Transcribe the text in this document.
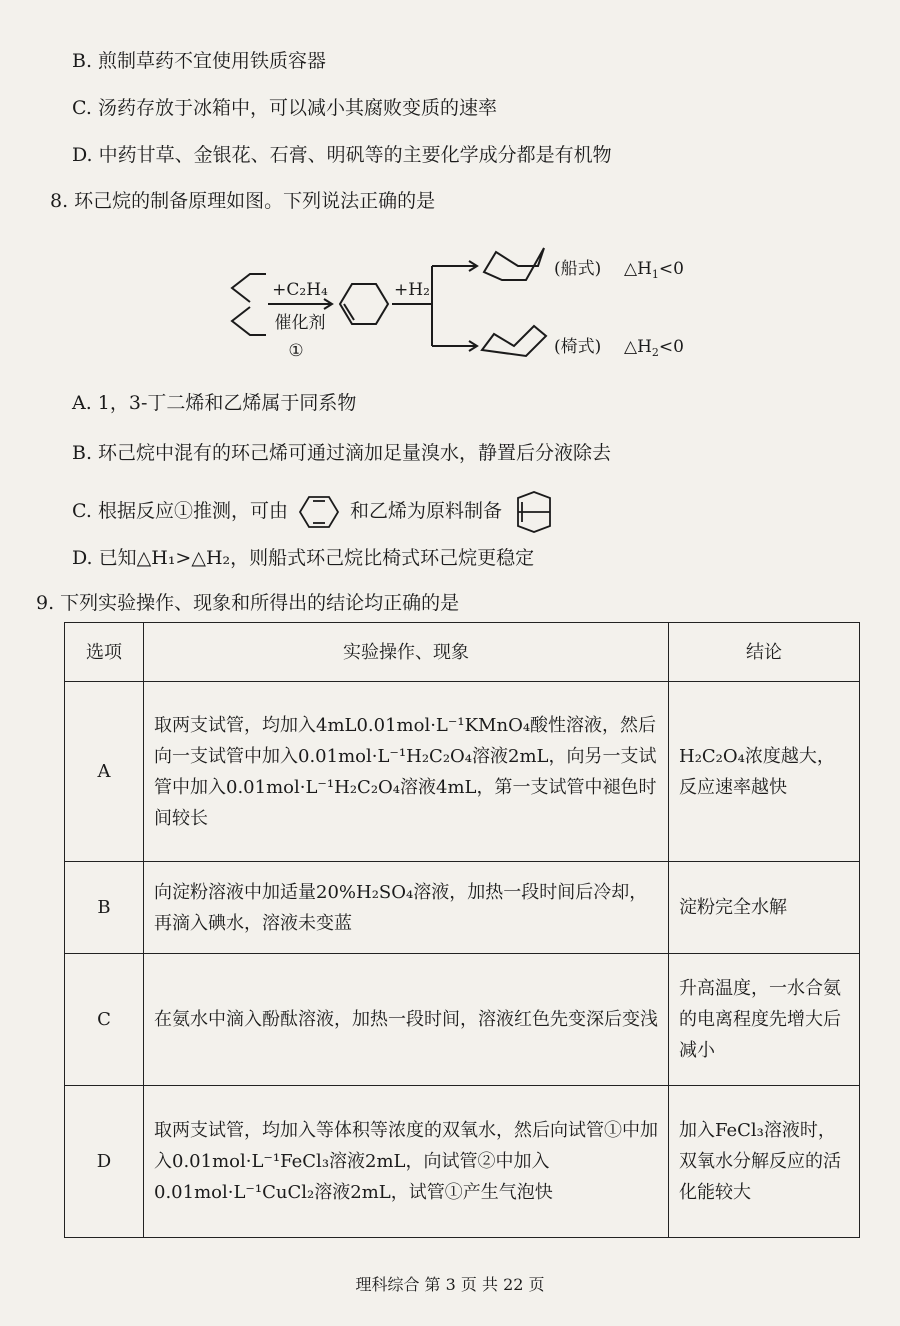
B. 煎制草药不宜使用铁质容器
C. 汤药存放于冰箱中，可以减小其腐败变质的速率
D. 中药甘草、金银花、石膏、明矾等的主要化学成分都是有机物
8. 环己烷的制备原理如图。下列说法正确的是
+C₂H₄
催化剂
①
+H₂
(船式)
(椅式)
$\triangle H_1<0$
$\triangle H_2<0$
A. 1，3-丁二烯和乙烯属于同系物
B. 环己烷中混有的环己烯可通过滴加足量溴水，静置后分液除去
C. 根据反应①推测，可由	和乙烯为原料制备
D. 已知△H₁>△H₂，则船式环己烷比椅式环己烷更稳定
9. 下列实验操作、现象和所得出的结论均正确的是
选项	实验操作、现象	结论
A	取两支试管，均加入4mL0.01mol·L⁻¹KMnO₄酸性溶液，然后向一支试管中加入0.01mol·L⁻¹H₂C₂O₄溶液2mL，向另一支试管中加入0.01mol·L⁻¹H₂C₂O₄溶液4mL，第一支试管中褪色时间较长	H₂C₂O₄浓度越大，反应速率越快
B	向淀粉溶液中加适量20%H₂SO₄溶液，加热一段时间后冷却，再滴入碘水，溶液未变蓝	淀粉完全水解
C	在氨水中滴入酚酞溶液，加热一段时间，溶液红色先变深后变浅	升高温度，一水合氨的电离程度先增大后减小
D	取两支试管，均加入等体积等浓度的双氧水，然后向试管①中加入0.01mol·L⁻¹FeCl₃溶液2mL，向试管②中加入0.01mol·L⁻¹CuCl₂溶液2mL，试管①产生气泡快	加入FeCl₃溶液时，双氧水分解反应的活化能较大
理科综合 第 3 页 共 22 页
